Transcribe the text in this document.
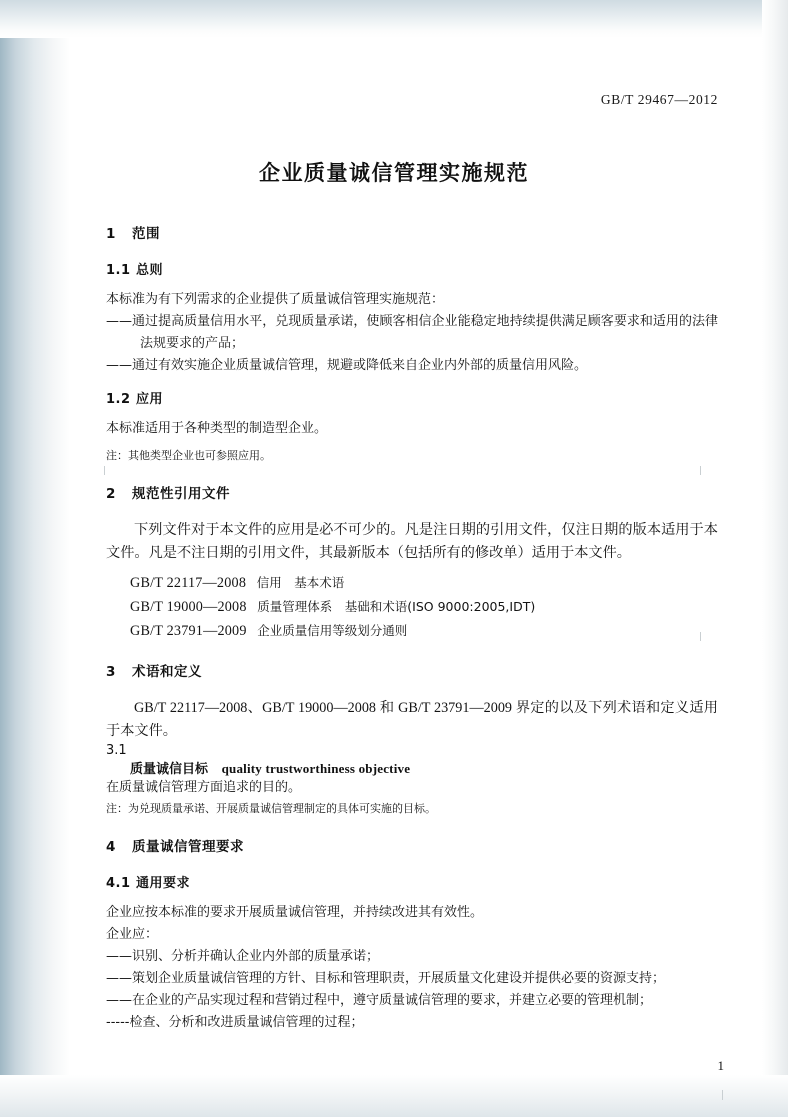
GB/T 29467—2012
企业质量诚信管理实施规范
1 范围
1.1 总则

本标准为有下列需求的企业提供了质量诚信管理实施规范：

——通过提高质量信用水平，兑现质量承诺，使顾客相信企业能稳定地持续提供满足顾客要求和适用的法律法规要求的产品；

——通过有效实施企业质量诚信管理，规避或降低来自企业内外部的质量信用风险。

1.2 应用

本标准适用于各种类型的制造型企业。

注：其他类型企业也可参照应用。

2 规范性引用文件

下列文件对于本文件的应用是必不可少的。凡是注日期的引用文件，仅注日期的版本适用于本文件。凡是不注日期的引用文件，其最新版本（包括所有的修改单）适用于本文件。

GB/T 22117—2008 信用　基本术语
GB/T 19000—2008 质量管理体系　基础和术语(ISO 9000:2005,IDT)
GB/T 23791—2009 企业质量信用等级划分通则
3 术语和定义

GB/T 22117—2008、GB/T 19000—2008 和 GB/T 23791—2009 界定的以及下列术语和定义适用于本文件。

3.1
质量诚信目标 quality trustworthiness objective

在质量诚信管理方面追求的目的。

注：为兑现质量承诺、开展质量诚信管理制定的具体可实施的目标。

4 质量诚信管理要求
4.1 通用要求

企业应按本标准的要求开展质量诚信管理，并持续改进其有效性。

企业应：

——识别、分析并确认企业内外部的质量承诺；

——策划企业质量诚信管理的方针、目标和管理职责，开展质量文化建设并提供必要的资源支持；

——在企业的产品实现过程和营销过程中，遵守质量诚信管理的要求，并建立必要的管理机制；

-----检查、分析和改进质量诚信管理的过程；

1
